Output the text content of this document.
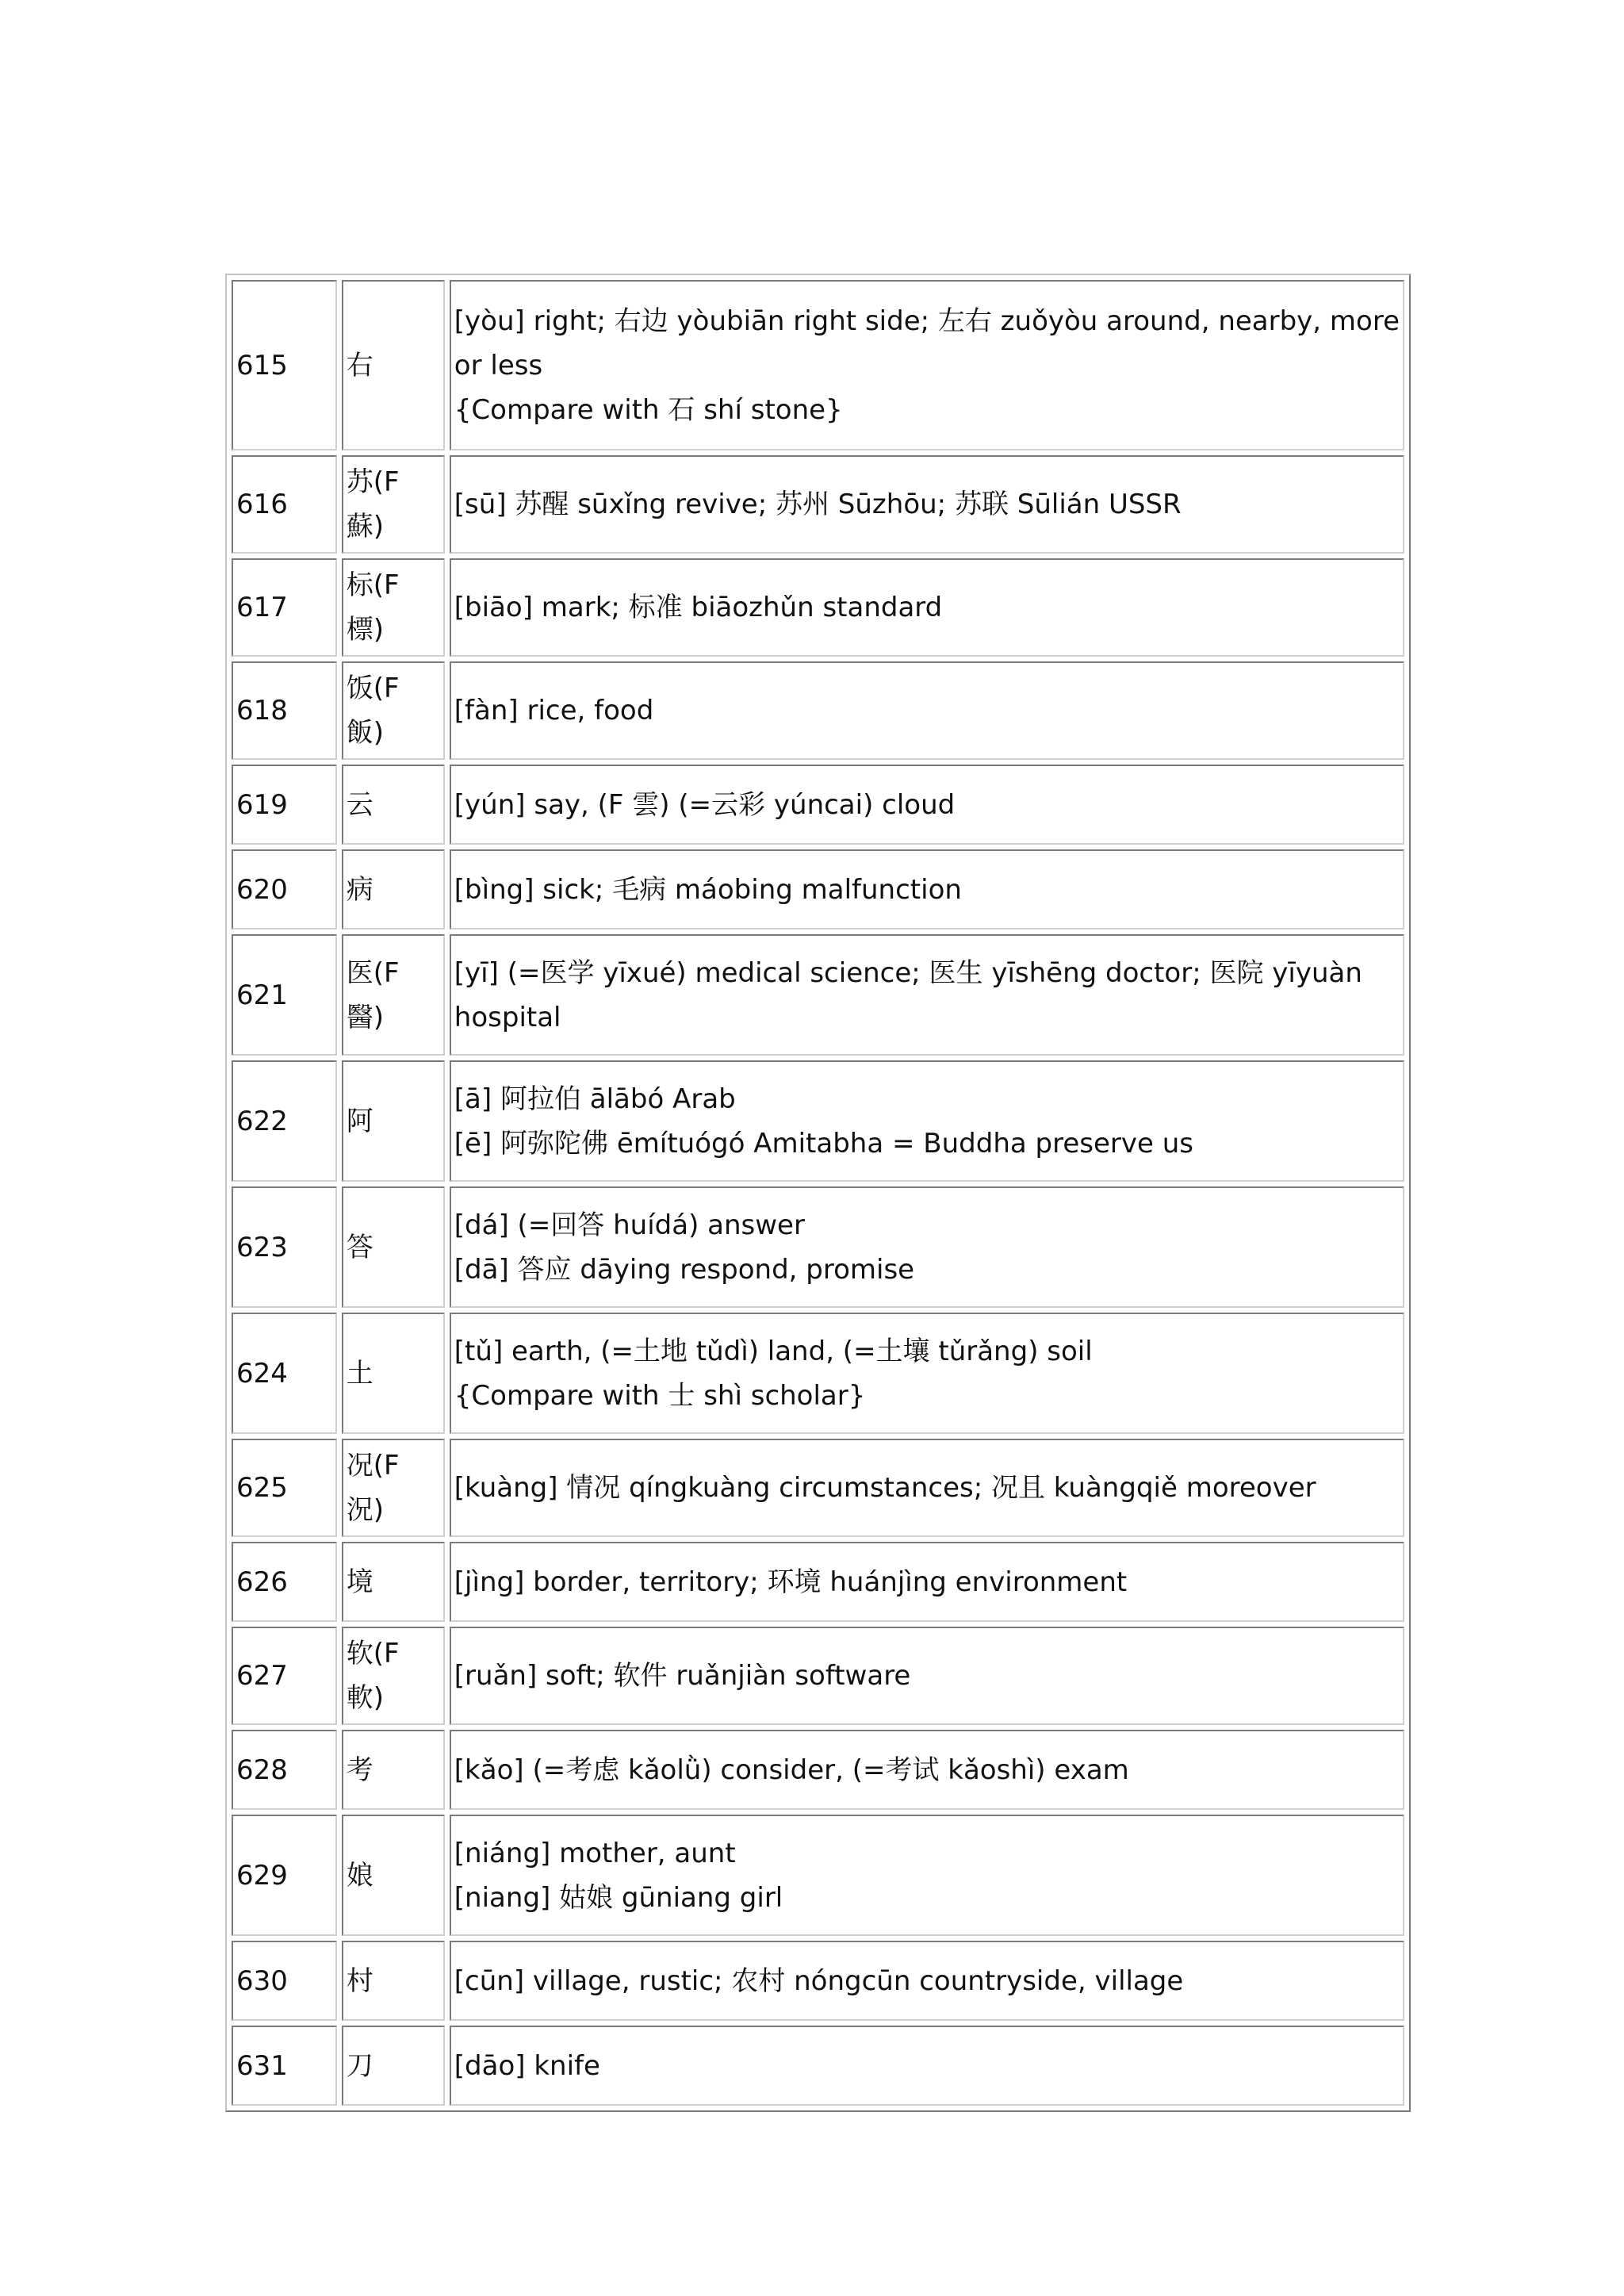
615	右	[yòu] right; 右边 yòubiān right side; 左右 zuǒyòu around, nearby, more
or less
{Compare with 石 shí stone}

616	苏(F 蘇)	[sū] 苏醒 sūxǐng revive; 苏州 Sūzhōu; 苏联 Sūlián USSR

617	标(F 標)	[biāo] mark; 标准 biāozhǔn standard

618	饭(F 飯)	[fàn] rice, food

619	云	[yún] say, (F 雲) (=云彩 yúncai) cloud

620	病	[bìng] sick; 毛病 máobing malfunction

621	医(F 醫)	[yī] (=医学 yīxué) medical science; 医生 yīshēng doctor; 医院 yīyuàn
hospital

622	阿	[ā] 阿拉伯 ālābó Arab
[ē] 阿弥陀佛 ēmítuógó Amitabha = Buddha preserve us

623	答	[dá] (=回答 huídá) answer
[dā] 答应 dāying respond, promise

624	土	[tǔ] earth, (=土地 tǔdì) land, (=土壤 tǔrǎng) soil
{Compare with 士 shì scholar}

625	况(F 況)	[kuàng] 情况 qíngkuàng circumstances; 况且 kuàngqiě moreover

626	境	[jìng] border, territory; 环境 huánjìng environment

627	软(F 軟)	[ruǎn] soft; 软件 ruǎnjiàn software

628	考	[kǎo] (=考虑 kǎolǜ) consider, (=考试 kǎoshì) exam

629	娘	[niáng] mother, aunt
[niang] 姑娘 gūniang girl

630	村	[cūn] village, rustic; 农村 nóngcūn countryside, village

631	刀	[dāo] knife
